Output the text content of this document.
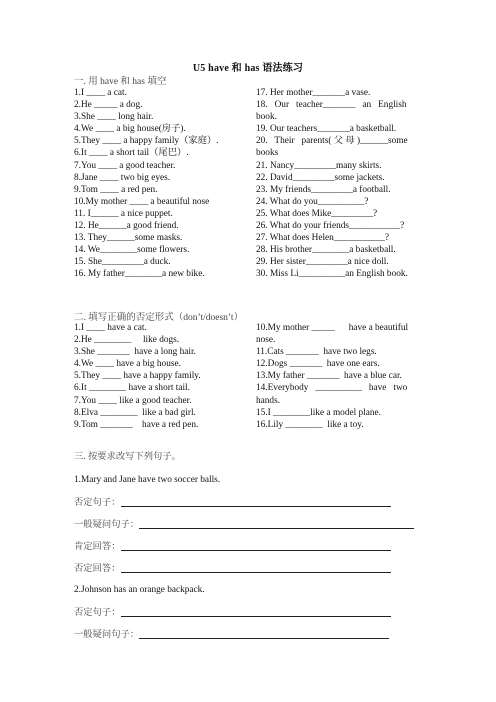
U5 have 和 has 语法练习
一. 用 have 和 has 填空
1.I ____ a cat.
2.He _____ a dog.
3.She ____ long hair.
4.We ____ a big house(房子).
5.They ____ a happy family（家庭）.
6.It ____ a short tail（尾巴）.
7.You ____ a good teacher.
8.Jane ____ two big eyes.
9.Tom ____ a red pen.
10.My mother ____ a beautiful nose
11. I______ a nice puppet.
12. He______a good friend.
13. They______some masks.
14. We________some flowers.
15. She_________a duck.
16. My father________a new bike.
17. Her mother_______a vase.
18.   Our   teacher_______   an   English
book.
19. Our teachers_______a basketball.
20.   Their   parents( 父 母 )______some
books
21. Nancy_________many skirts.
22. David_________some jackets.
23. My friends_________a football.
24. What do you__________?
25. What does Mike_________?
26. What do your friends___________?
27. What does Helen___________?
28. His brother________a basketball.
29. Her sister_________a nice doll.
30. Miss Li__________an English book.
二. 填写正确的否定形式（don’t/doesn’t）
1.I ____ have a cat.
2.He ________     like dogs.
3.She _______  have a long hair.
4.We ____ have a big house.
5.They ____ have a happy family.
6.It ________ have a short tail.
7.You ____ like a good teacher.
8.Elva ________  like a bad girl.
9.Tom _______    have a red pen.
10.My mother _____      have a beautiful
nose.
11.Cats _______  have two legs.
12.Dogs _______  have one ears.
13.My father _______  have a blue car.
14.Everybody   __________   have   two
hands.
15.I ________like a model plane.
16.Lily ________  like a toy.
三. 按要求改写下列句子。
1.Mary and Jane have two soccer balls.
否定句子：
一般疑问句子：
肯定回答：
否定回答：
2.Johnson has an orange backpack.
否定句子：
一般疑问句子：
